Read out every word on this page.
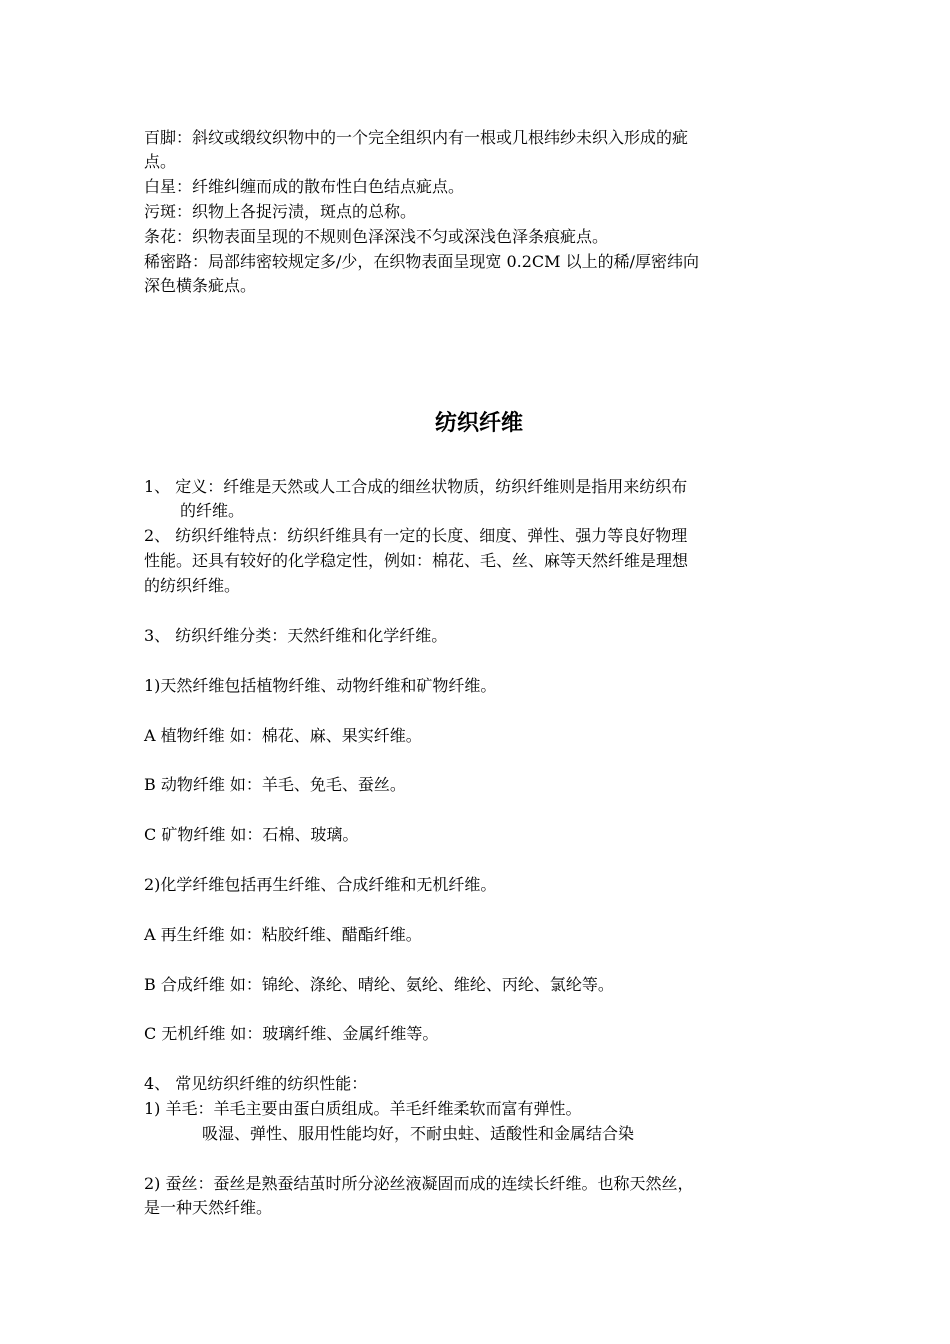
百脚：斜纹或缎纹织物中的一个完全组织内有一根或几根纬纱未织入形成的疵
点。
白星：纤维纠缠而成的散布性白色结点疵点。
污斑：织物上各捉污渍，斑点的总称。
条花：织物表面呈现的不规则色泽深浅不匀或深浅色泽条痕疵点。
稀密路：局部纬密较规定多/少，在织物表面呈现宽 0.2CM 以上的稀/厚密纬向
深色横条疵点。
纺织纤维
1、 定义：纤维是天然或人工合成的细丝状物质，纺织纤维则是指用来纺织布
的纤维。
2、 纺织纤维特点：纺织纤维具有一定的长度、细度、弹性、强力等良好物理
性能。还具有较好的化学稳定性，例如：棉花、毛、丝、麻等天然纤维是理想
的纺织纤维。
3、 纺织纤维分类：天然纤维和化学纤维。
1)天然纤维包括植物纤维、动物纤维和矿物纤维。
A 植物纤维 如：棉花、麻、果实纤维。
B 动物纤维 如：羊毛、免毛、蚕丝。
C 矿物纤维 如：石棉、玻璃。
2)化学纤维包括再生纤维、合成纤维和无机纤维。
A 再生纤维 如：粘胶纤维、醋酯纤维。
B 合成纤维 如：锦纶、涤纶、晴纶、氨纶、维纶、丙纶、氯纶等。
C 无机纤维 如：玻璃纤维、金属纤维等。
4、 常见纺织纤维的纺织性能：
1) 羊毛：羊毛主要由蛋白质组成。羊毛纤维柔软而富有弹性。
吸湿、弹性、服用性能均好，不耐虫蛀、适酸性和金属结合染
2) 蚕丝：蚕丝是熟蚕结茧时所分泌丝液凝固而成的连续长纤维。也称天然丝，
是一种天然纤维。
